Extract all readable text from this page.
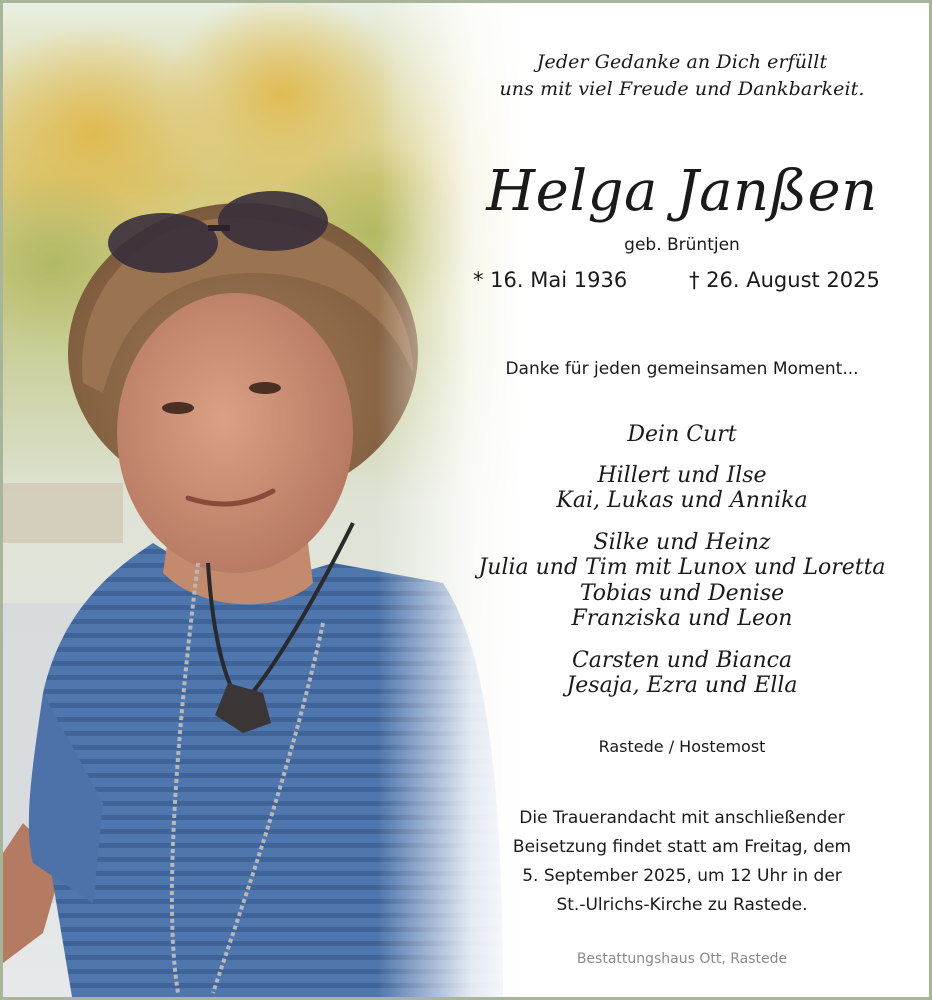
Jeder Gedanke an Dich erfüllt
uns mit viel Freude und Dankbarkeit.
Helga Janßen
geb. Brüntjen
* 16. Mai 1936	† 26. August 2025
Danke für jeden gemeinsamen Moment...
Dein Curt
Hillert und Ilse
Kai, Lukas und Annika
Silke und Heinz
Julia und Tim mit Lunox und Loretta
Tobias und Denise
Franziska und Leon
Carsten und Bianca
Jesaja, Ezra und Ella
Rastede / Hostemost
Die Trauerandacht mit anschließender
Beisetzung findet statt am Freitag, dem
5. September 2025, um 12 Uhr in der
St.-Ulrichs-Kirche zu Rastede.
Bestattungshaus Ott, Rastede
